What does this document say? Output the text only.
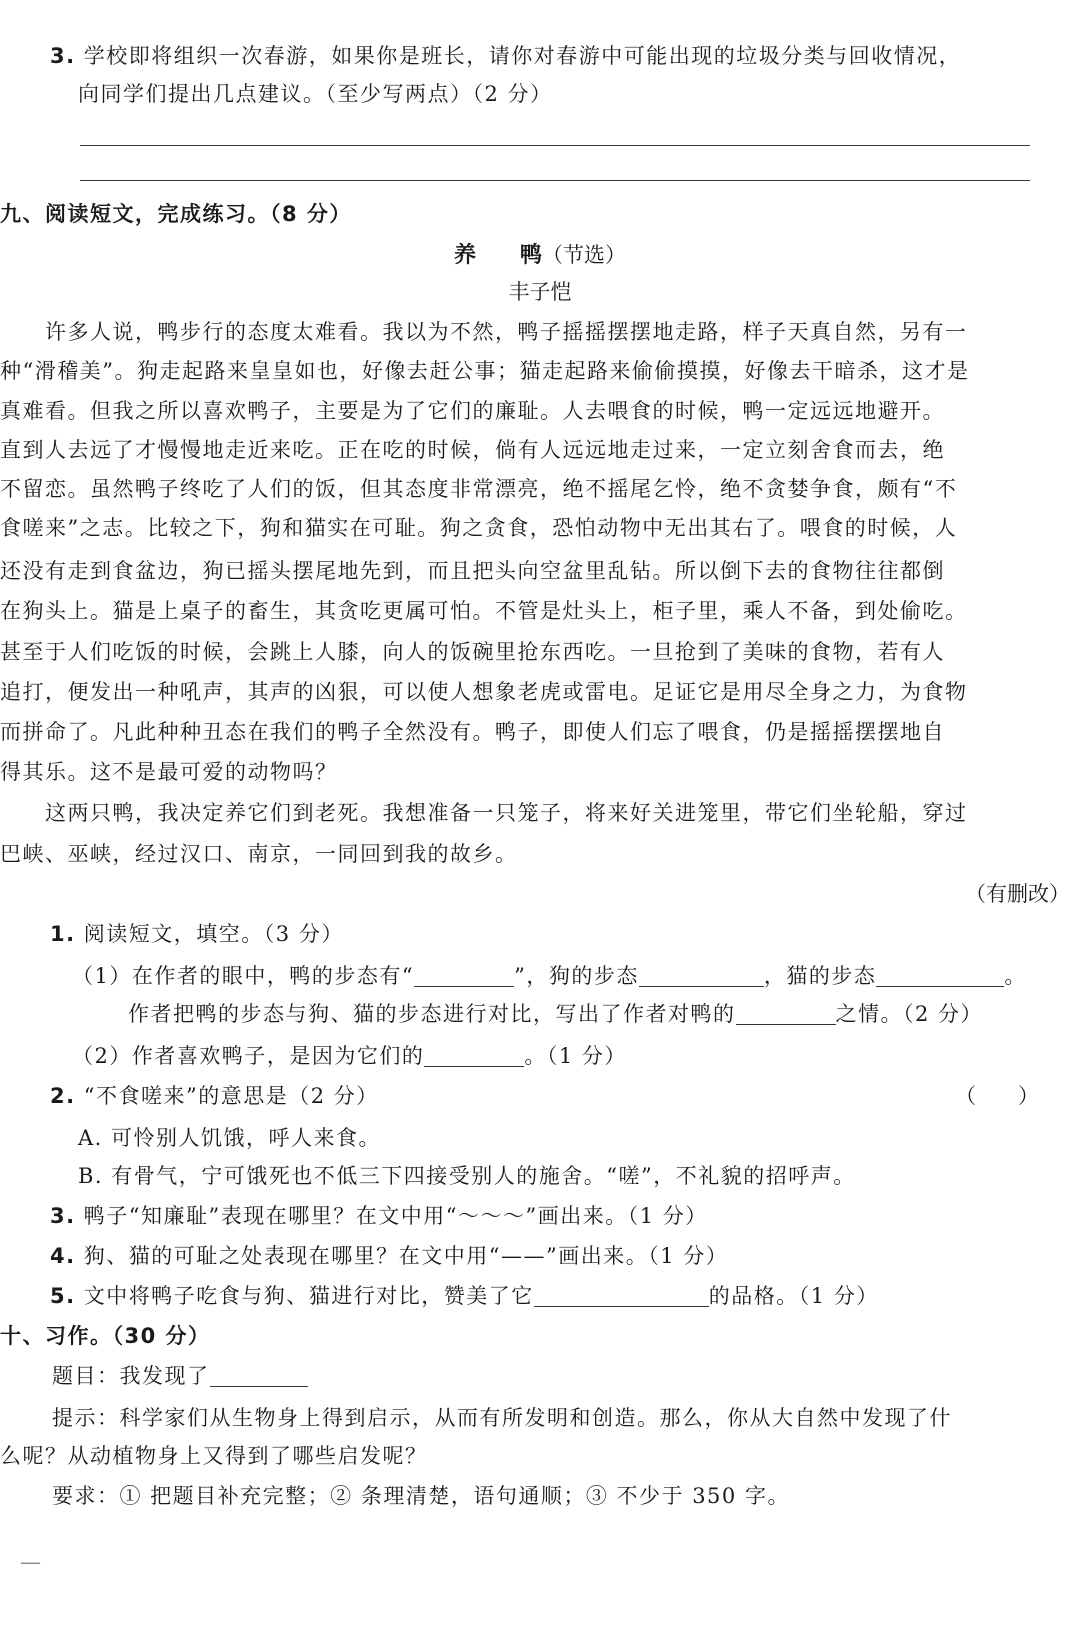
3. 学校即将组织一次春游，如果你是班长，请你对春游中可能出现的垃圾分类与回收情况，
向同学们提出几点建议。（至少写两点）（2 分）
九、阅读短文，完成练习。（8 分）
养　　鸭（节选）
丰子恺
　　许多人说，鸭步行的态度太难看。我以为不然，鸭子摇摇摆摆地走路，样子天真自然，另有一
种“滑稽美”。狗走起路来皇皇如也，好像去赶公事；猫走起路来偷偷摸摸，好像去干暗杀，这才是
真难看。但我之所以喜欢鸭子，主要是为了它们的廉耻。人去喂食的时候，鸭一定远远地避开。
直到人去远了才慢慢地走近来吃。正在吃的时候，倘有人远远地走过来，一定立刻舍食而去，绝
不留恋。虽然鸭子终吃了人们的饭，但其态度非常漂亮，绝不摇尾乞怜，绝不贪婪争食，颇有“不
食嗟来”之志。比较之下，狗和猫实在可耻。狗之贪食，恐怕动物中无出其右了。喂食的时候，人
还没有走到食盆边，狗已摇头摆尾地先到，而且把头向空盆里乱钻。所以倒下去的食物往往都倒
在狗头上。猫是上桌子的畜生，其贪吃更属可怕。不管是灶头上，柜子里，乘人不备，到处偷吃。
甚至于人们吃饭的时候，会跳上人膝，向人的饭碗里抢东西吃。一旦抢到了美味的食物，若有人
追打，便发出一种吼声，其声的凶狠，可以使人想象老虎或雷电。足证它是用尽全身之力，为食物
而拼命了。凡此种种丑态在我们的鸭子全然没有。鸭子，即使人们忘了喂食，仍是摇摇摆摆地自
得其乐。这不是最可爱的动物吗？
　　这两只鸭，我决定养它们到老死。我想准备一只笼子，将来好关进笼里，带它们坐轮船，穿过
巴峡、巫峡，经过汉口、南京，一同回到我的故乡。
（有删改）
1. 阅读短文，填空。（3 分）
（1）在作者的眼中，鸭的步态有“	”，狗的步态	，猫的步态	。
作者把鸭的步态与狗、猫的步态进行对比，写出了作者对鸭的	之情。（2 分）
（2）作者喜欢鸭子，是因为它们的	。（1 分）
2. “不食嗟来”的意思是（2 分）	（　　）
A. 可怜别人饥饿，呼人来食。
B. 有骨气，宁可饿死也不低三下四接受别人的施舍。“嗟”，不礼貌的招呼声。
3. 鸭子“知廉耻”表现在哪里？在文中用“～～～”画出来。（1 分）
4. 狗、猫的可耻之处表现在哪里？在文中用“——”画出来。（1 分）
5. 文中将鸭子吃食与狗、猫进行对比，赞美了它	的品格。（1 分）
十、习作。（30 分）
题目：我发现了
提示：科学家们从生物身上得到启示，从而有所发明和创造。那么，你从大自然中发现了什
么呢？从动植物身上又得到了哪些启发呢？
要求：① 把题目补充完整；② 条理清楚，语句通顺；③ 不少于 350 字。
—
